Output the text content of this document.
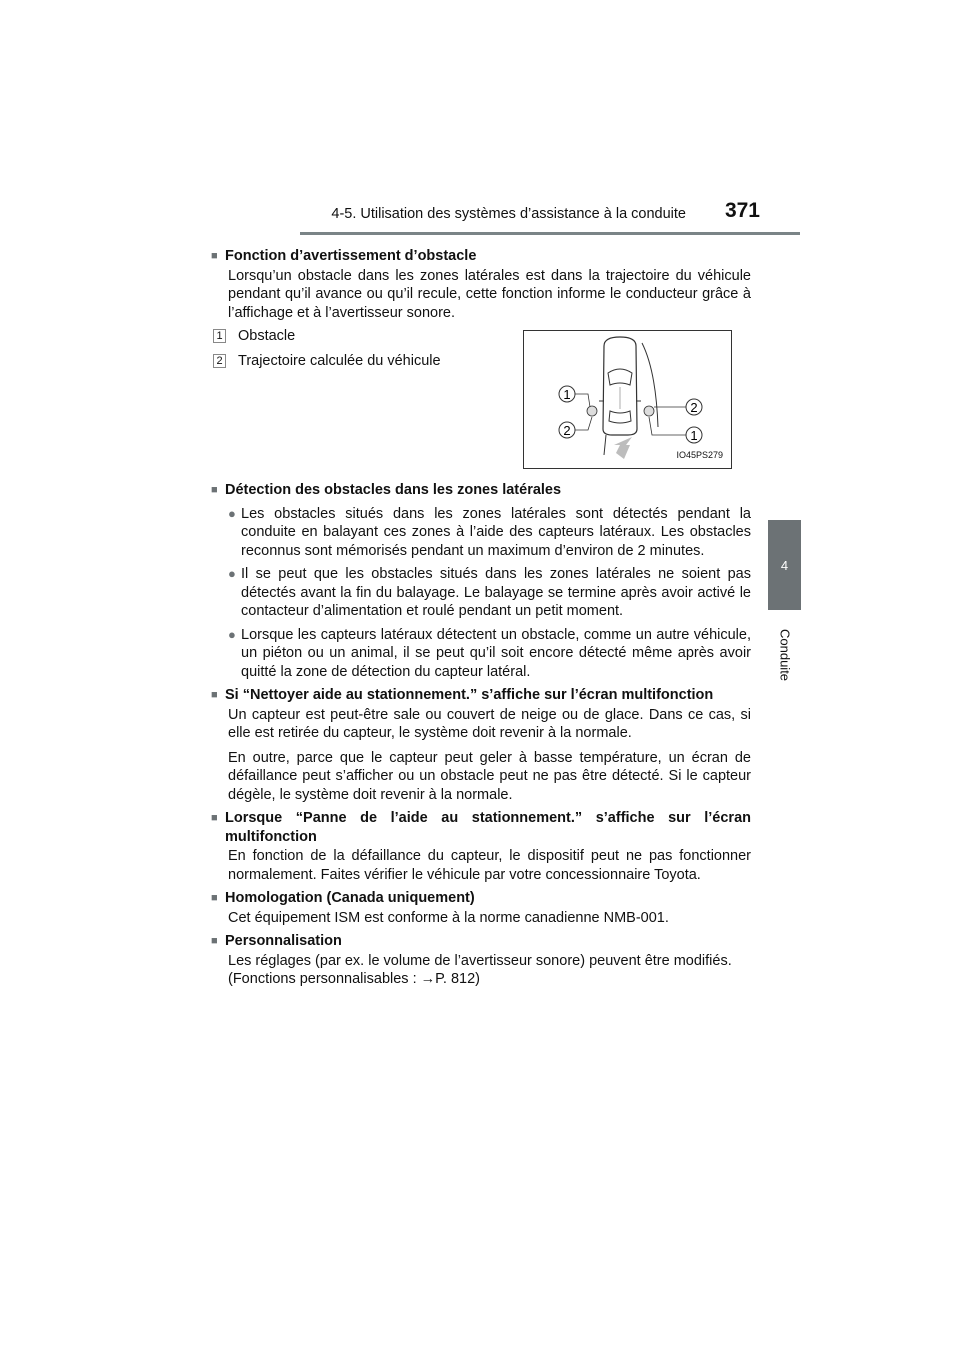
4-5. Utilisation des systèmes d’assistance à la conduite	371
4
Conduite
■ Fonction d’avertissement d’obstacle
Lorsqu’un obstacle dans les zones latérales est dans la trajectoire du véhicule pendant qu’il avance ou qu’il recule, cette fonction informe le conducteur grâce à l’affichage et à l’avertisseur sonore.
1 Obstacle
2 Trajectoire calculée du véhicule
1
2
2
1
IO45PS279
■ Détection des obstacles dans les zones latérales
● Les obstacles situés dans les zones latérales sont détectés pendant la conduite en balayant ces zones à l’aide des capteurs latéraux. Les obstacles reconnus sont mémorisés pendant un maximum d’environ de 2 minutes.
● Il se peut que les obstacles situés dans les zones latérales ne soient pas détectés avant la fin du balayage. Le balayage se termine après avoir activé le contacteur d’alimentation et roulé pendant un petit moment.
● Lorsque les capteurs latéraux détectent un obstacle, comme un autre véhicule, un piéton ou un animal, il se peut qu’il soit encore détecté même après avoir quitté la zone de détection du capteur latéral.
■ Si “Nettoyer aide au stationnement.” s’affiche sur l’écran multifonction
Un capteur est peut-être sale ou couvert de neige ou de glace. Dans ce cas, si elle est retirée du capteur, le système doit revenir à la normale.
En outre, parce que le capteur peut geler à basse température, un écran de défaillance peut s’afficher ou un obstacle peut ne pas être détecté. Si le capteur dégèle, le système doit revenir à la normale.
■ Lorsque “Panne de l’aide au stationnement.” s’affiche sur l’écran multifonction
En fonction de la défaillance du capteur, le dispositif peut ne pas fonctionner normalement. Faites vérifier le véhicule par votre concessionnaire Toyota.
■ Homologation (Canada uniquement)
Cet équipement ISM est conforme à la norme canadienne NMB-001.
■ Personnalisation
Les réglages (par ex. le volume de l’avertisseur sonore) peuvent être modifiés.
(Fonctions personnalisables : →P. 812)
